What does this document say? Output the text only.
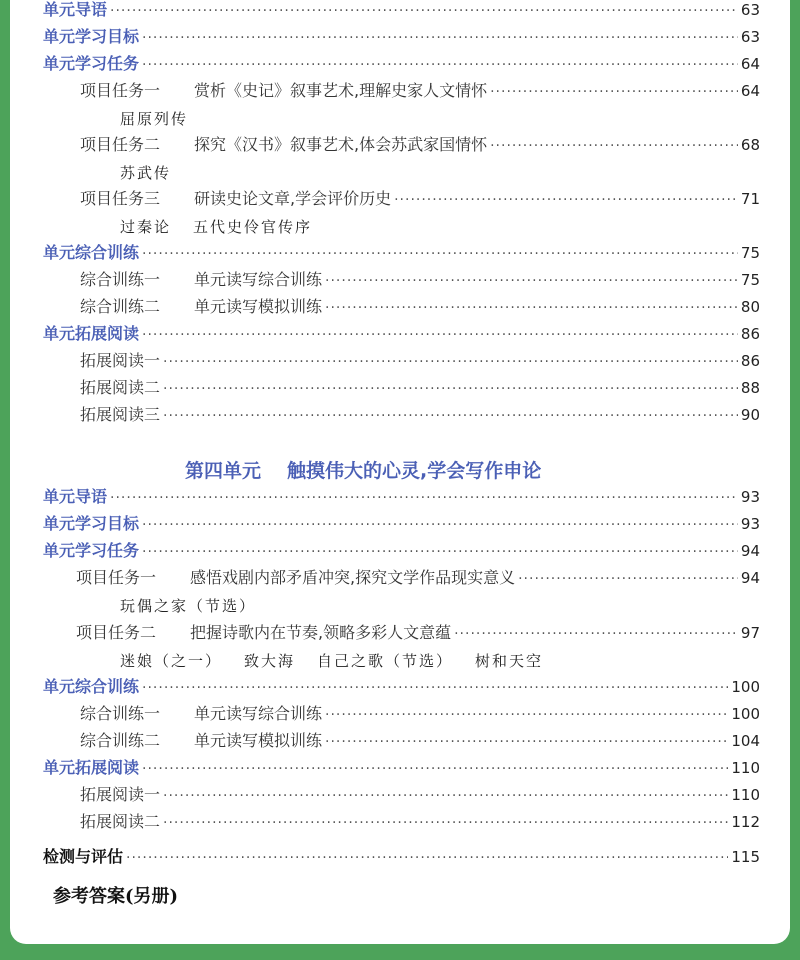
单元导语 ·····	63
单元学习目标 ·····	63
单元学习任务 ·····	64
项目任务一 赏析《史记》叙事艺术,理解史家人文情怀 ·····	64
屈原列传
项目任务二 探究《汉书》叙事艺术,体会苏武家国情怀 ·····	68
苏武传
项目任务三 研读史论文章,学会评价历史 ·····	71
过秦论 五代史伶官传序
单元综合训练 ·····	75
综合训练一 单元读写综合训练 ·····	75
综合训练二 单元读写模拟训练 ·····	80
单元拓展阅读 ·····	86
拓展阅读一 ·····	86
拓展阅读二 ·····	88
拓展阅读三 ·····	90
第四单元 触摸伟大的心灵,学会写作申论
单元导语 ·····	93
单元学习目标 ·····	93
单元学习任务 ·····	94
项目任务一 感悟戏剧内部矛盾冲突,探究文学作品现实意义 ·····	94
玩偶之家（节选）
项目任务二 把握诗歌内在节奏,领略多彩人文意蕴 ·····	97
迷娘（之一） 致大海 自己之歌（节选） 树和天空
单元综合训练 ·····	100
综合训练一 单元读写综合训练 ·····	100
综合训练二 单元读写模拟训练 ·····	104
单元拓展阅读 ·····	110
拓展阅读一 ·····	110
拓展阅读二 ·····	112
检测与评估 ·····	115
参考答案(另册)
